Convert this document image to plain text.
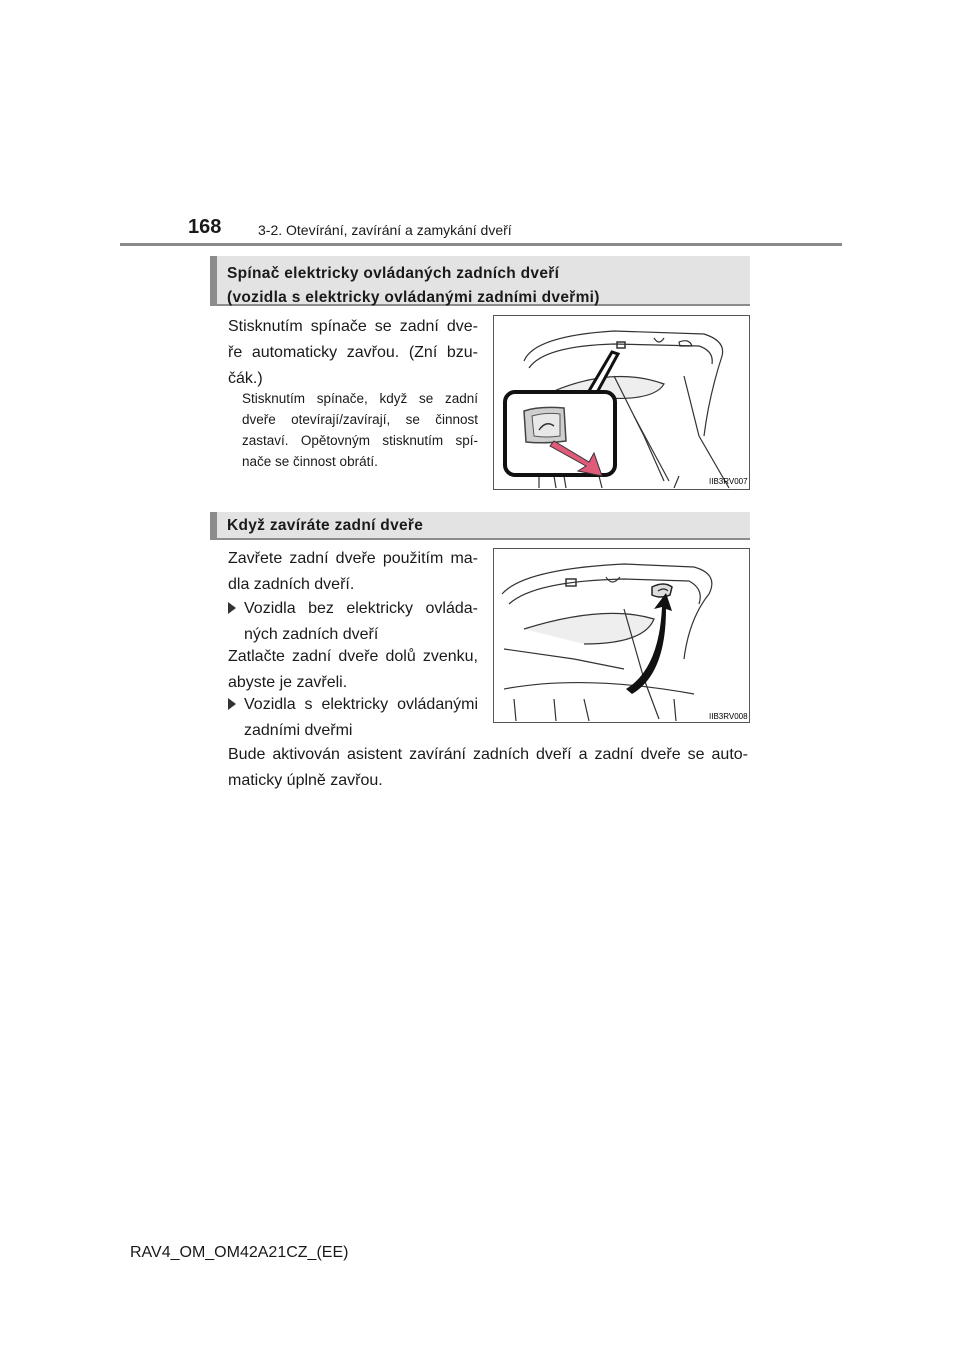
168	3-2. Otevírání, zavírání a zamykání dveří
Spínač elektricky ovládaných zadních dveří
(vozidla s elektricky ovládanými zadními dveřmi)
Stisknutím spínače se zadní dve-
ře automaticky zavřou. (Zní bzu-
čák.)
Stisknutím spínače, když se zadní
dveře otevírají/zavírají, se činnost
zastaví. Opětovným stisknutím spí-
nače se činnost obrátí.
IIB3RV007
Když zavíráte zadní dveře
Zavřete zadní dveře použitím ma-
dla zadních dveří.
Vozidla bez elektricky ovláda-
ných zadních dveří
Zatlačte zadní dveře dolů zvenku,
abyste je zavřeli.
Vozidla s elektricky ovládanými
zadními dveřmi
Bude aktivován asistent zavírání zadních dveří a zadní dveře se auto-
maticky úplně zavřou.
IIB3RV008
RAV4_OM_OM42A21CZ_(EE)
